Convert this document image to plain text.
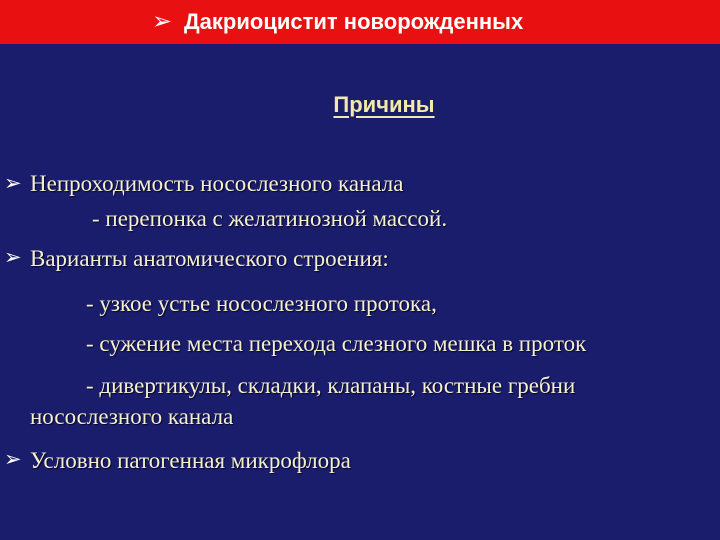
➢ Дакриоцистит новорожденных
Причины
➢ Непроходимость носослезного канала
- перепонка с желатинозной массой.
➢ Варианты анатомического строения:
- узкое устье носослезного протока,
- сужение места перехода слезного мешка в проток
- дивертикулы, складки, клапаны, костные гребни
носослезного канала
➢ Условно патогенная микрофлора
